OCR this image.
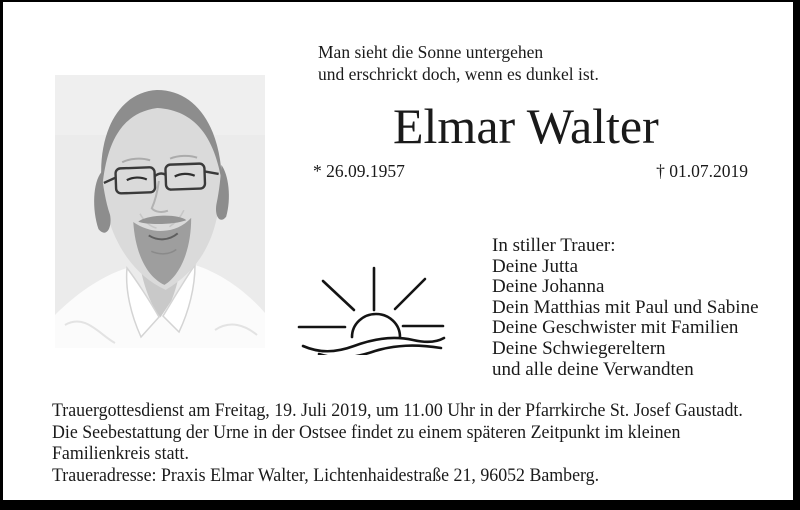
Man sieht die Sonne untergehen
und erschrickt doch, wenn es dunkel ist.
Elmar Walter
* 26.09.1957	† 01.07.2019
In stiller Trauer:
Deine Jutta
Deine Johanna
Dein Matthias mit Paul und Sabine
Deine Geschwister mit Familien
Deine Schwiegereltern
und alle deine Verwandten
Trauergottesdienst am Freitag, 19. Juli 2019, um 11.00 Uhr in der Pfarrkirche St. Josef Gaustadt.
Die Seebestattung der Urne in der Ostsee findet zu einem späteren Zeitpunkt im kleinen
Familienkreis statt.
Traueradresse: Praxis Elmar Walter, Lichtenhaidestraße 21, 96052 Bamberg.
